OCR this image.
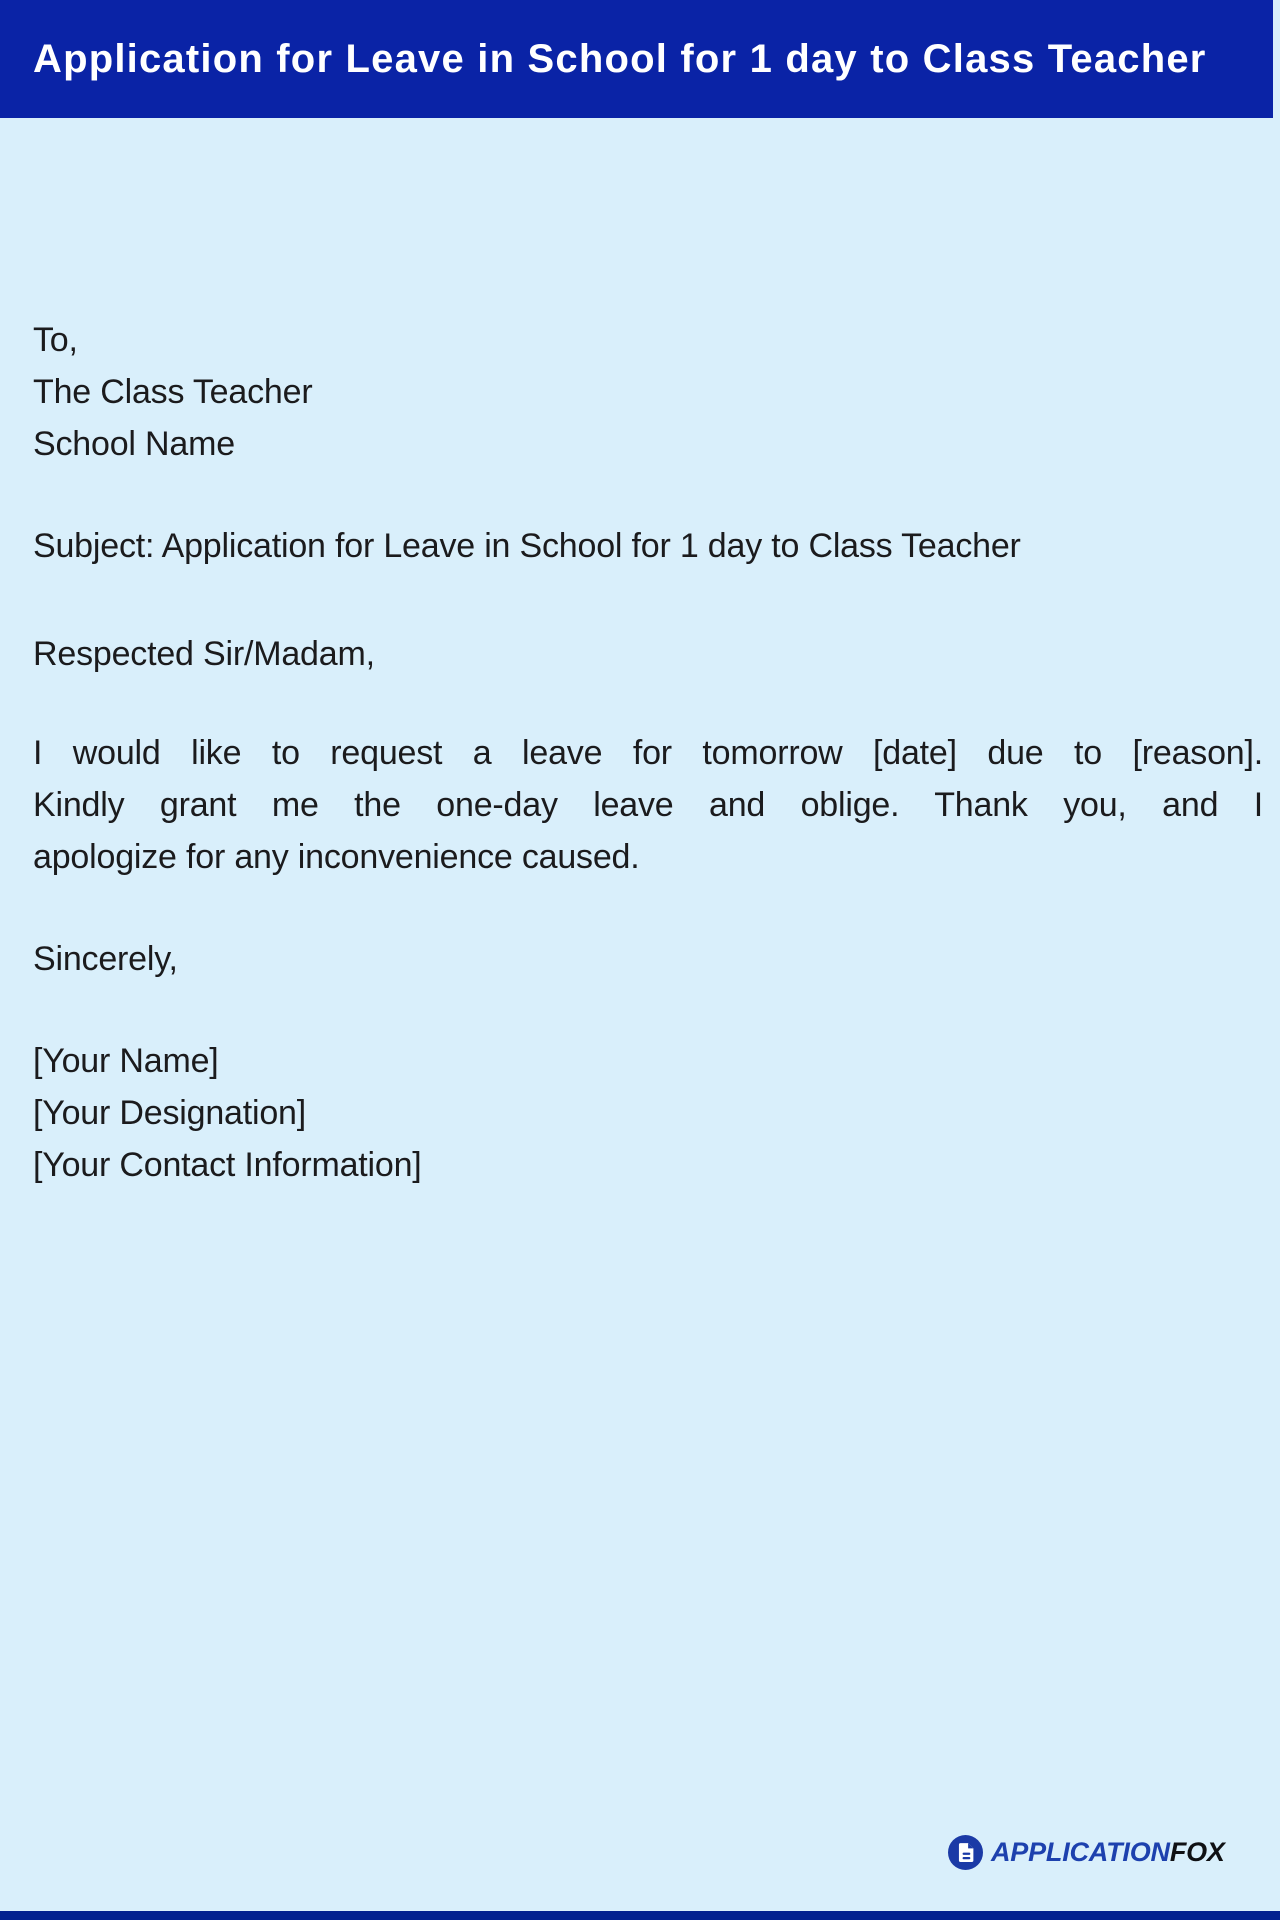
Application for Leave in School for 1 day to Class Teacher
To,
The Class Teacher
School Name
Subject: Application for Leave in School for 1 day to Class Teacher
Respected Sir/Madam,
I would like to request a leave for tomorrow [date] due to [reason].
Kindly grant me the one-day leave and oblige. Thank you, and I
apologize for any inconvenience caused.
Sincerely,
[Your Name]
[Your Designation]
[Your Contact Information]
APPLICATIONFOX
